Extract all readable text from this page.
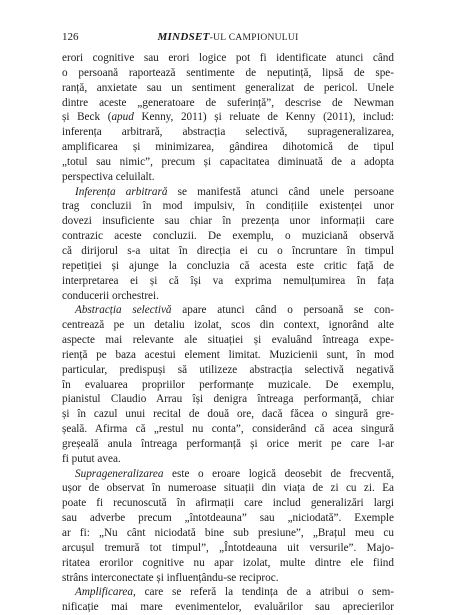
126	MINDSET-UL CAMPIONULUI
erori cognitive sau erori logice pot fi identificate atunci când
o persoană raportează sentimente de neputință, lipsă de spe-
ranță, anxietate sau un sentiment generalizat de pericol. Unele
dintre aceste „generatoare de suferință”, descrise de Newman
și Beck (apud Kenny, 2011) și reluate de Kenny (2011), includ:
inferența arbitrară, abstracția selectivă, suprageneralizarea,
amplificarea și minimizarea, gândirea dihotomică de tipul
„totul sau nimic”, precum și capacitatea diminuată de a adopta
perspectiva celuilalt.
Inferența arbitrară se manifestă atunci când unele persoane
trag concluzii în mod impulsiv, în condițiile existenței unor
dovezi insuficiente sau chiar în prezența unor informații care
contrazic aceste concluzii. De exemplu, o muziciană observă
că dirijorul s-a uitat în direcția ei cu o încruntare în timpul
repetiției și ajunge la concluzia că acesta este critic față de
interpretarea ei și că își va exprima nemulțumirea în fața
conducerii orchestrei.
Abstracția selectivă apare atunci când o persoană se con-
centrează pe un detaliu izolat, scos din context, ignorând alte
aspecte mai relevante ale situației și evaluând întreaga expe-
riență pe baza acestui element limitat. Muzicienii sunt, în mod
particular, predispuși să utilizeze abstracția selectivă negativă
în evaluarea propriilor performanțe muzicale. De exemplu,
pianistul Claudio Arrau își denigra întreaga performanță, chiar
și în cazul unui recital de două ore, dacă făcea o singură gre-
șeală. Afirma că „restul nu conta”, considerând că acea singură
greșeală anula întreaga performanță și orice merit pe care l-ar
fi putut avea.
Suprageneralizarea este o eroare logică deosebit de frecventă,
ușor de observat în numeroase situații din viața de zi cu zi. Ea
poate fi recunoscută în afirmații care includ generalizări largi
sau adverbe precum „întotdeauna” sau „niciodată”. Exemple
ar fi: „Nu cânt niciodată bine sub presiune”, „Brațul meu cu
arcușul tremură tot timpul”, „Întotdeauna uit versurile”. Majo-
ritatea erorilor cognitive nu apar izolat, multe dintre ele fiind
strâns interconectate și influențându-se reciproc.
Amplificarea, care se referă la tendința de a atribui o sem-
nificație mai mare evenimentelor, evaluărilor sau aprecierilor
